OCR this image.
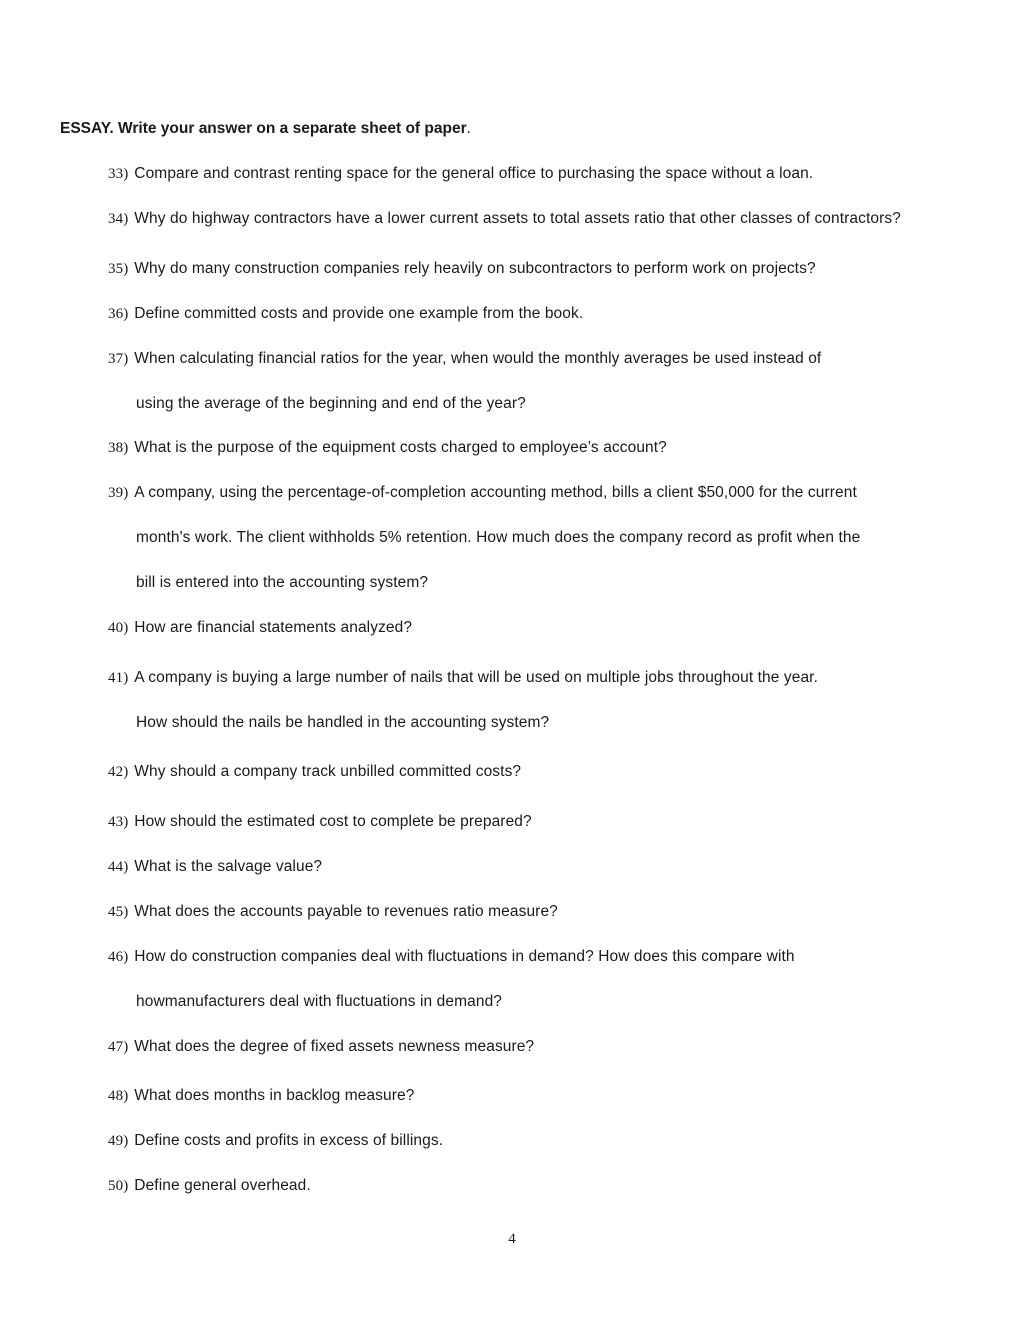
ESSAY. Write your answer on a separate sheet of paper.
33) Compare and contrast renting space for the general office to purchasing the space without a loan.
34) Why do highway contractors have a lower current assets to total assets ratio that other classes of contractors?
35) Why do many construction companies rely heavily on subcontractors to perform work on projects?
36) Define committed costs and provide one example from the book.
37) When calculating financial ratios for the year, when would the monthly averages be used instead of
using the average of the beginning and end of the year?
38) What is the purpose of the equipment costs charged to employee’s account?
39) A company, using the percentage-of-completion accounting method, bills a client $50,000 for the current
month's work. The client withholds 5% retention. How much does the company record as profit when the
bill is entered into the accounting system?
40) How are financial statements analyzed?
41) A company is buying a large number of nails that will be used on multiple jobs throughout the year.
How should the nails be handled in the accounting system?
42) Why should a company track unbilled committed costs?
43) How should the estimated cost to complete be prepared?
44) What is the salvage value?
45) What does the accounts payable to revenues ratio measure?
46) How do construction companies deal with fluctuations in demand? How does this compare with
howmanufacturers deal with fluctuations in demand?
47) What does the degree of fixed assets newness measure?
48) What does months in backlog measure?
49) Define costs and profits in excess of billings.
50) Define general overhead.
4
